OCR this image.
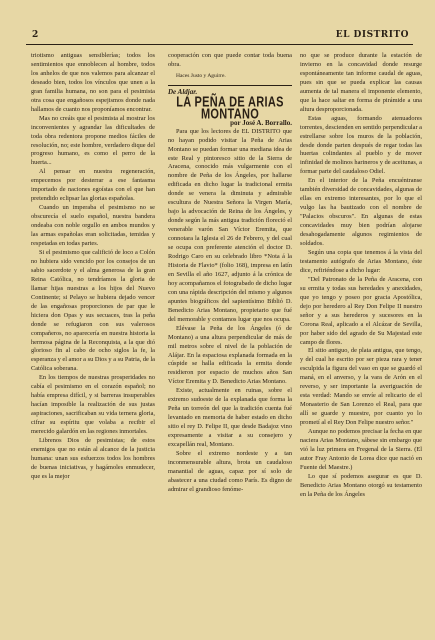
2	EL DISTRITO

triotismo antiguas sensiblerías; todos los sentimientos que ennoblecen al hombre, todos los anhelos de que nos valemos para alcanzar el deseado bien, todos los vínculos que unen a la gran familia humana, no son para el pesimista otra cosa que engañosos espejismos donde nada hallamos de cuanto nos proponíamos encontrar.

Mas no creáis que el pesimista al mostrar los inconvenientes y agrandar las dificultades de toda obra redentora propone medios fáciles de resolución, no; este hombre, verdadero dique del progreso humano, es como el perro de la huerta...

Al pensar en nuestra regeneración, empecemos por desterrar a ese fantasma importado de naciones egoístas con el que han pretendido eclipsar las glorias españolas.

Cuando un imperaba el pesimismo no se obscurecía el suelo español, nuestra bandera ondeaba con noble orgullo en ambos mundos y las armas españolas eran solicitadas, temidas y respetadas en todas partes.

Si el pesimismo que califició de loco a Colón no hubiera sido vencido por los consejos de un sabio sacerdote y el alma generosa de la gran Reina Católica, no tendríamos la gloria de llamar hijas nuestras a los hijos del Nuevo Continente; si Pelayo se hubiera dejado vencer de las engañosas proporciones de par que le hiciera don Opas y sus secuaces, tras la peña donde se refugiaron con sus valerosos compañeros, no aparecería en nuestra historia la hermosa página de la Reconquista, a la que dió glorioso fin al cabo de ocho siglos la fe, la esperanza y el amor a su Dios y a su Patria, de la Católica soberana.

En los tiempos de nuestras prosperidades no cabía el pesimismo en el corazón español; no había empresa difícil, y si barreras insuperables hacían imposible la realización de sus justas aspiraciones, sacrificaban su vida ternera gloria, cifrar su espíritu que volaba a recibir el merecido galardón en las regiones inmortales.

Librenos Dios de pesimistas; de estos enemigos que no están al alcance de la justicia humana: unan sus esfuerzos todos los hombres de buenas iniciativas, y hagámoles enmudecer, que es la mejor

cooperación con que puede contar toda buena obra.

Haces Justo y Aguirre.

De Aldjar.

LA PEÑA DE ARIAS MONTANO

por José A. Borrallo.

Para que los lectores de EL DISTRITO que no hayan podido visitar la Peña de Arias Montano se puedan formar una mediana idea de este Real y pintoresco sitio de la Sierra de Aracena, conocido más vulgarmente con el nombre de Peña de los Ángeles, por hallarse edificada en dicho lugar la tradicional ermita donde se venera la diminuta y admirable escultura de Nuestra Señora la Virgen María, bajo la advocación de Reina de los Ángeles, y donde según la más antigua tradición floreció el venerable varón San Víctor Eremita, que connotara la Iglesia el 26 de Febrero, y del cual se ocupa con preferente atención el doctor D. Rodrigo Caro en su celebrado libro *Nota á la Historia de Flavio* (folio 168), impresa en latín en Sevilla el año 1627, adjunto á la crónica de hoy acompañamos el fotograbado de dicho lugar con una rápida descripción del mismo y algunos apuntes biográficos del sapientísimo Biblió D. Benedicto Arias Montano, propietario que fué del memorable y contamos lugar que nos ocupa.

Elévase la Peña de los Ángeles (ó de Montano) a una altura perpendicular de más de mil metros sobre el nivel de la población de Alájar. En la espaciosa explanada formada en la cúspide se halla edificada la ermita donde residieron por espacio de muchos años San Víctor Eremita y D. Benedicto Arias Montano.

Existe, actualmente en ruinas, sobre el extremo sudoeste de la explanada que forma la Peña un torreón del que la tradición cuenta fué levantado en memoria de haber estado en dicho sitio el rey D. Felipe II, que desde Badajoz vino expresamente a visitar a su consejero y excapellán real, Montano.

Sobre el extremo nordeste y a tan inconmensurable altura, brota un caudaloso manantial de aguas, capaz por sí solo de abastecer a una ciudad como París. Es digno de admirar el grandioso fenóme-

no que se produce durante la estación de invierno en la concavidad donde resurge espontáneamente tan informe caudal de aguas, pues sin que se pueda explicar las causas aumenta de tal manera el imponente elemento, que la hace saltar en forma de pirámide a una altura desproporcionada.

Estas aguas, formando atenuadores torrentes, descienden en sentido perpendicular a estrellarse sobre los muros de la población, desde donde parten después de regar todas las huertas colindantes al pueblo y de mover infinidad de molinos harineros y de aceitunas, a formar parte del caudaloso Odiel.

En el interior de la Peña encuéntranse también diversidad de concavidades, algunas de ellas en extremo interesantes, por lo que el vulgo las ha bautizado con el nombre de "Palacios obscuros". En algunas de estas concavidades muy bien podrían alojarse desahogadamente algunos regimientos de soldados.

Según una copia que tenemos á la vista del testamento autógrafo de Arias Montano, éste dice, refiriéndose a dicho lugar:

"Del Patronato de la Peña de Aracena, con su ermita y todas sus heredades y anexidades, que yo tengo y poseo por gracia Apostólica, dejo por heredero al Rey Don Felipe II nuestro señor y a sus herederos y sucesores en la Corona Real, aplicado a el Alcázar de Sevilla, por haber sido del agrado de Su Majestad este campo de flores.

El sitio antiguo, de plata antigua, que tengo, y del cual he escrito por ser pieza rara y tener esculpida la figura del vaso en que se guardó el maná, en el anverso, y la vara de Arón en el reverso, y ser importante la averiguación de esta verdad: Mando se envíe al relicario de el Monasterio de San Lorenzo el Real, para que allí se guarde y muestre, por cuanto yo lo prometí al el Rey Don Felipe nuestro señor."

Aunque no podemos precisar la fecha en que naciera Arias Montano, sábese sin embargo que vió la luz primera en Fregenal de la Sierra. (El autor Fray Antonio de Lorea dice que nació en Fuente del Maestre.)

Lo que sí podemos asegurar es que D. Benedicto Arias Montano otorgó su testamento en la Peña de los Ángeles
